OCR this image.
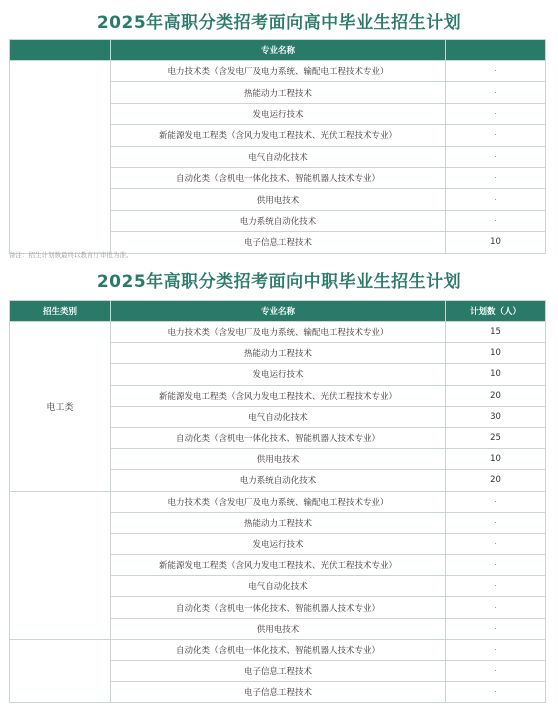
2025年高职分类招考面向高中毕业生招生计划
	专业名称	
	电力技术类（含发电厂及电力系统、输配电工程技术专业）	·
	热能动力工程技术	·
	发电运行技术	·
	新能源发电工程类（含风力发电工程技术、光伏工程技术专业）	·
	电气自动化技术	·
	自动化类（含机电一体化技术、智能机器人技术专业）	·
	供用电技术	·
	电力系统自动化技术	·
	电子信息工程技术	10
备注：招生计划数最终以教育厅审批为准。
2025年高职分类招考面向中职毕业生招生计划
招生类别	专业名称	计划数（人）
电工类	电力技术类（含发电厂及电力系统、输配电工程技术专业）	15
	热能动力工程技术	10
	发电运行技术	10
	新能源发电工程类（含风力发电工程技术、光伏工程技术专业）	20
	电气自动化技术	30
	自动化类（含机电一体化技术、智能机器人技术专业）	25
	供用电技术	10
	电力系统自动化技术	20
	电力技术类（含发电厂及电力系统、输配电工程技术专业）	·
	热能动力工程技术	·
	发电运行技术	·
	新能源发电工程类（含风力发电工程技术、光伏工程技术专业）	·
	电气自动化技术	·
	自动化类（含机电一体化技术、智能机器人技术专业）	·
	供用电技术	·
	自动化类（含机电一体化技术、智能机器人技术专业）	·
	电子信息工程技术	·
	电子信息工程技术	·
